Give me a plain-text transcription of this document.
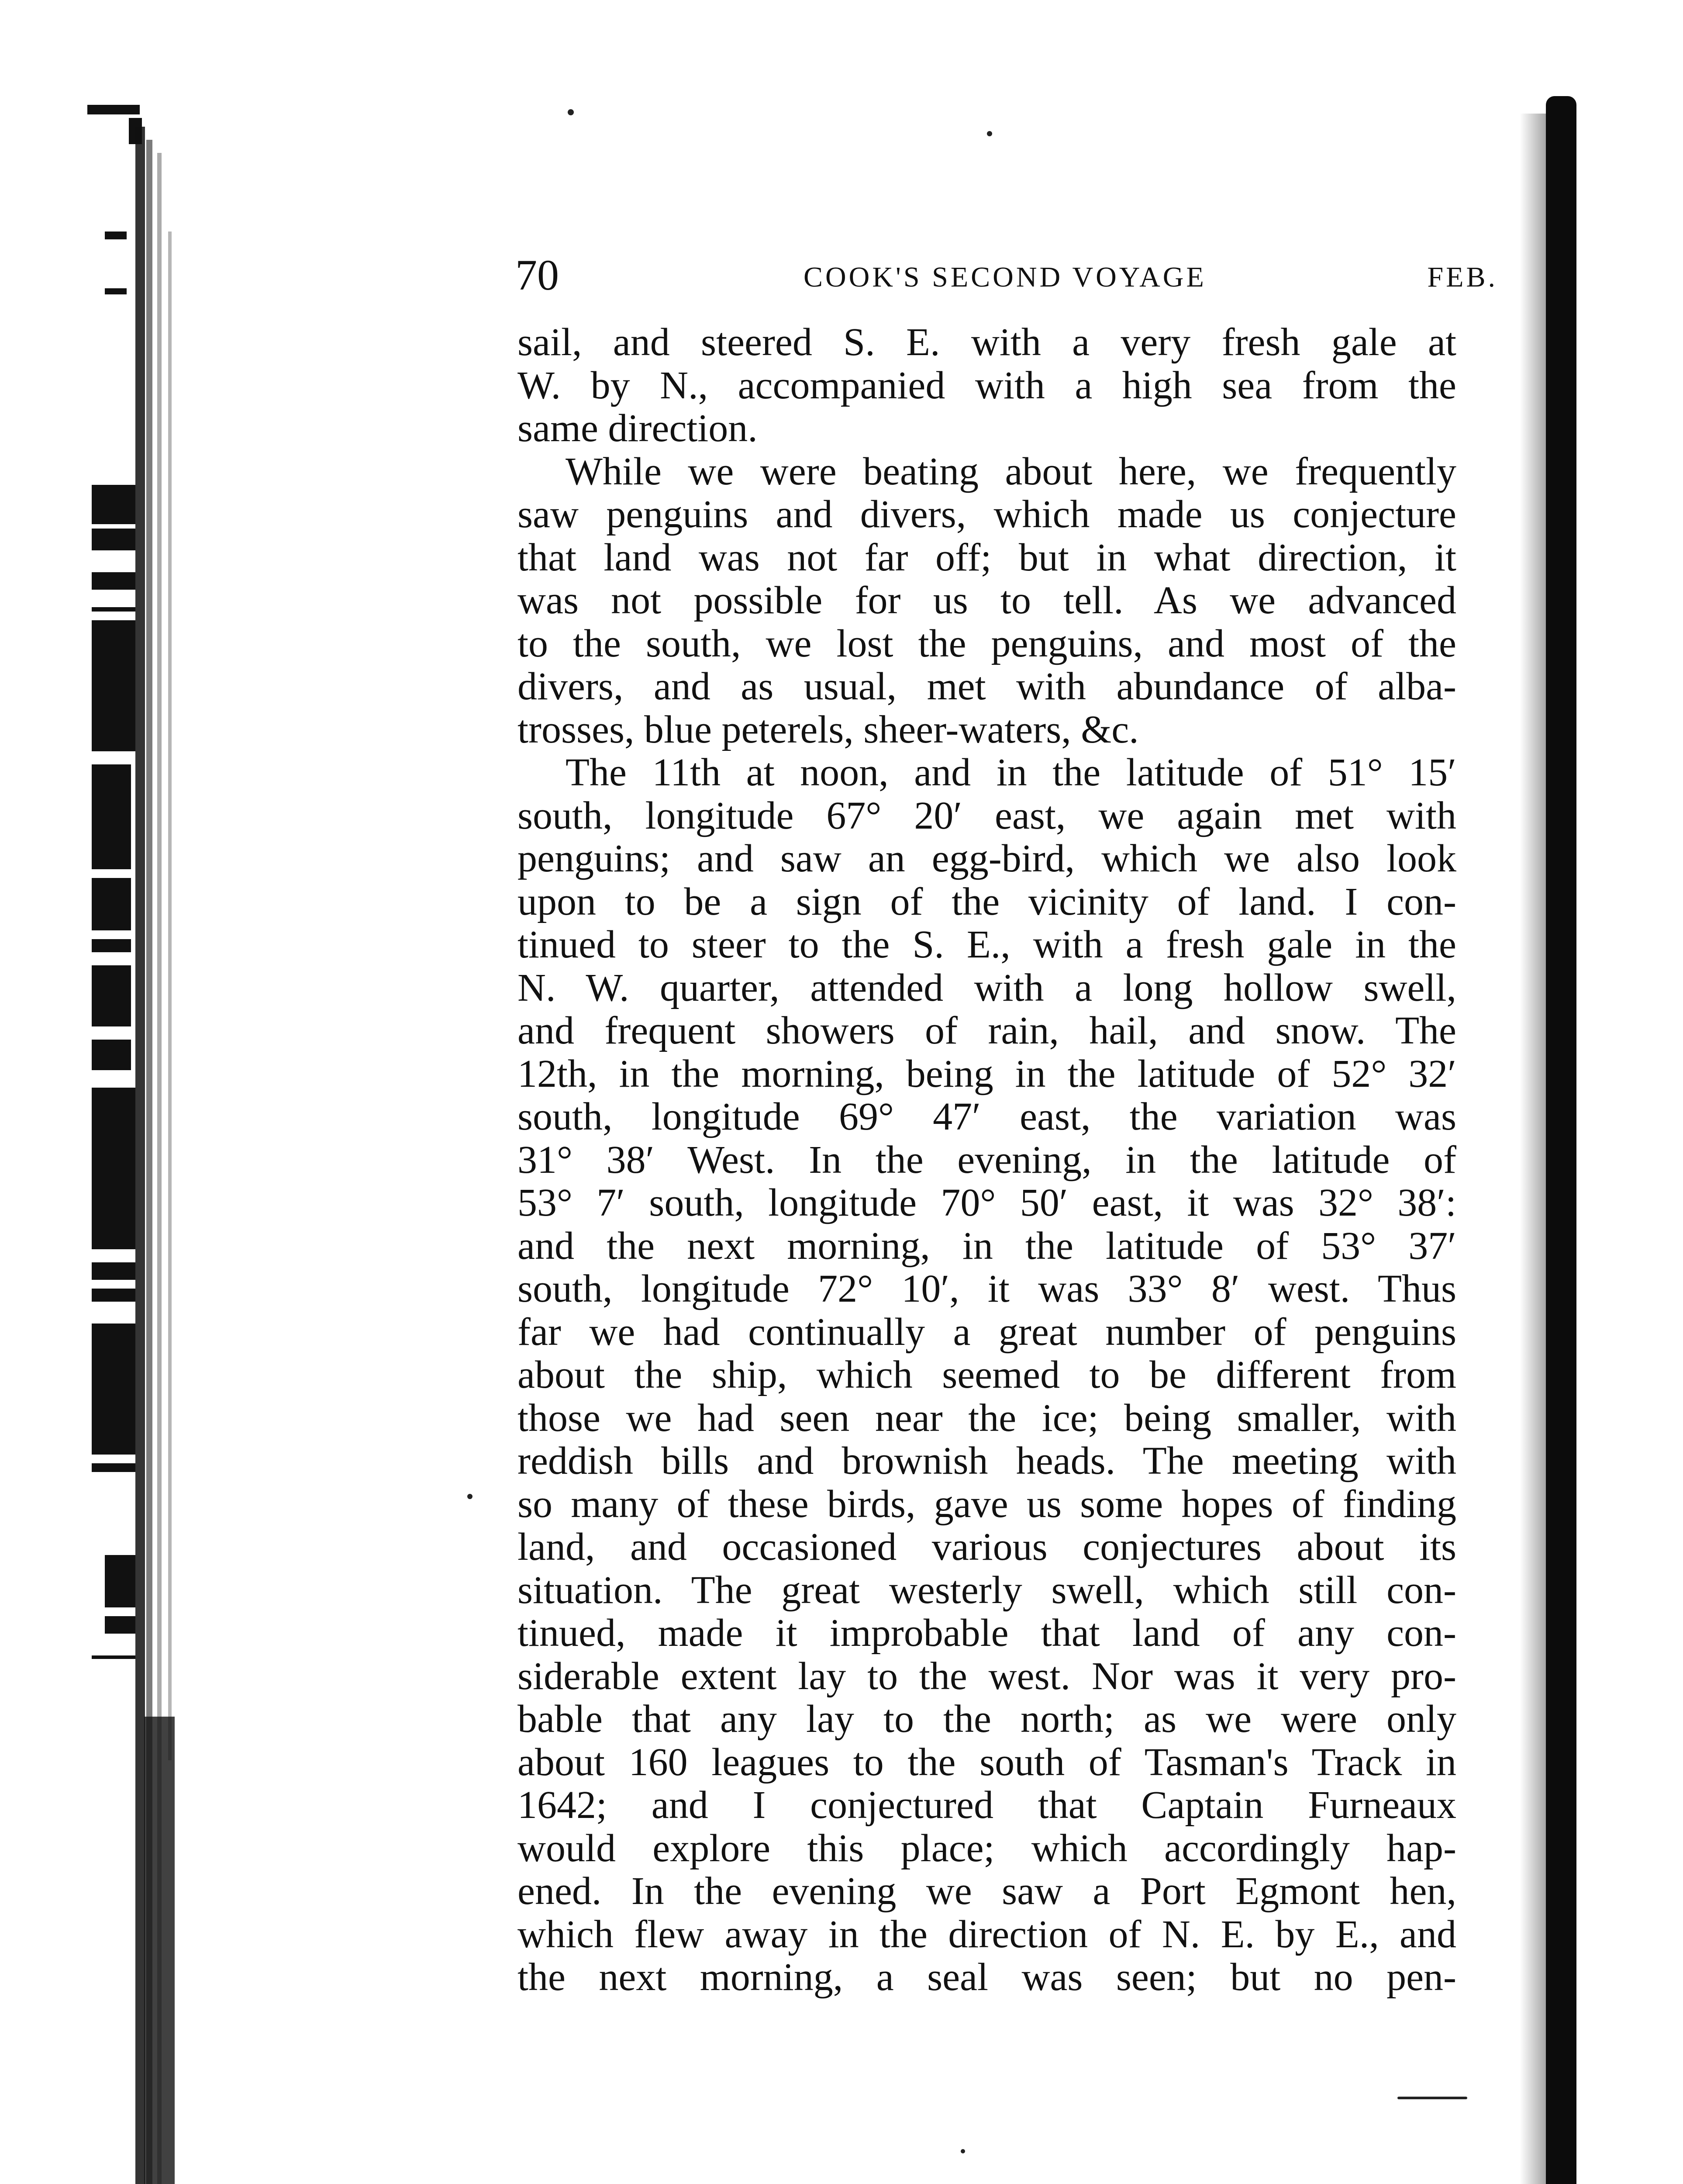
70	COOK'S SECOND VOYAGE	FEB.
sail, and steered S. E. with a very fresh gale at
W. by N., accompanied with a high sea from the
same direction.
While we were beating about here, we frequently
saw penguins and divers, which made us conjecture
that land was not far off; but in what direction, it
was not possible for us to tell. As we advanced
to the south, we lost the penguins, and most of the
divers, and as usual, met with abundance of alba-
trosses, blue peterels, sheer-waters, &c.
The 11th at noon, and in the latitude of 51° 15′
south, longitude 67° 20′ east, we again met with
penguins; and saw an egg-bird, which we also look
upon to be a sign of the vicinity of land. I con-
tinued to steer to the S. E., with a fresh gale in the
N. W. quarter, attended with a long hollow swell,
and frequent showers of rain, hail, and snow. The
12th, in the morning, being in the latitude of 52° 32′
south, longitude 69° 47′ east, the variation was
31° 38′ West. In the evening, in the latitude of
53° 7′ south, longitude 70° 50′ east, it was 32° 38′:
and the next morning, in the latitude of 53° 37′
south, longitude 72° 10′, it was 33° 8′ west. Thus
far we had continually a great number of penguins
about the ship, which seemed to be different from
those we had seen near the ice; being smaller, with
reddish bills and brownish heads. The meeting with
so many of these birds, gave us some hopes of finding
land, and occasioned various conjectures about its
situation. The great westerly swell, which still con-
tinued, made it improbable that land of any con-
siderable extent lay to the west. Nor was it very pro-
bable that any lay to the north; as we were only
about 160 leagues to the south of Tasman's Track in
1642; and I conjectured that Captain Furneaux
would explore this place; which accordingly hap-
ened. In the evening we saw a Port Egmont hen,
which flew away in the direction of N. E. by E., and
the next morning, a seal was seen; but no pen-
